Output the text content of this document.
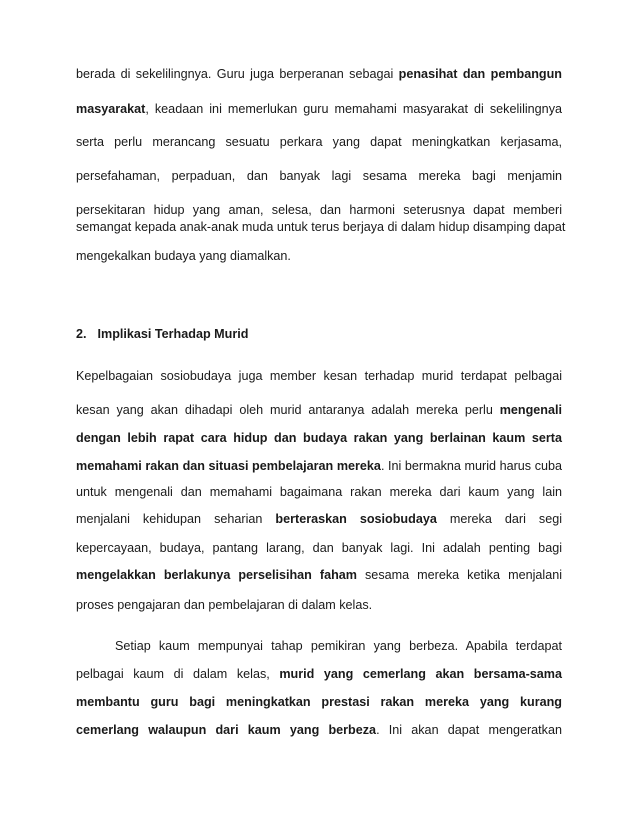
berada di sekelilingnya. Guru juga berperanan sebagai penasihat dan pembangun
masyarakat, keadaan ini memerlukan guru memahami masyarakat di sekelilingnya
serta perlu merancang sesuatu perkara yang dapat meningkatkan kerjasama,
persefahaman, perpaduan, dan banyak lagi sesama mereka bagi menjamin
persekitaran hidup yang aman, selesa, dan harmoni seterusnya dapat memberi
semangat kepada anak-anak muda untuk terus berjaya di dalam hidup disamping dapat
mengekalkan budaya yang diamalkan.
2. Implikasi Terhadap Murid
Kepelbagaian sosiobudaya juga member kesan terhadap murid terdapat pelbagai
kesan yang akan dihadapi oleh murid antaranya adalah mereka perlu mengenali
dengan lebih rapat cara hidup dan budaya rakan yang berlainan kaum serta
memahami rakan dan situasi pembelajaran mereka. Ini bermakna murid harus cuba
untuk mengenali dan memahami bagaimana rakan mereka dari kaum yang lain
menjalani kehidupan seharian berteraskan sosiobudaya mereka dari segi
kepercayaan, budaya, pantang larang, dan banyak lagi. Ini adalah penting bagi
mengelakkan berlakunya perselisihan faham sesama mereka ketika menjalani
proses pengajaran dan pembelajaran di dalam kelas.
Setiap kaum mempunyai tahap pemikiran yang berbeza. Apabila terdapat
pelbagai kaum di dalam kelas, murid yang cemerlang akan bersama-sama
membantu guru bagi meningkatkan prestasi rakan mereka yang kurang
cemerlang walaupun dari kaum yang berbeza. Ini akan dapat mengeratkan
